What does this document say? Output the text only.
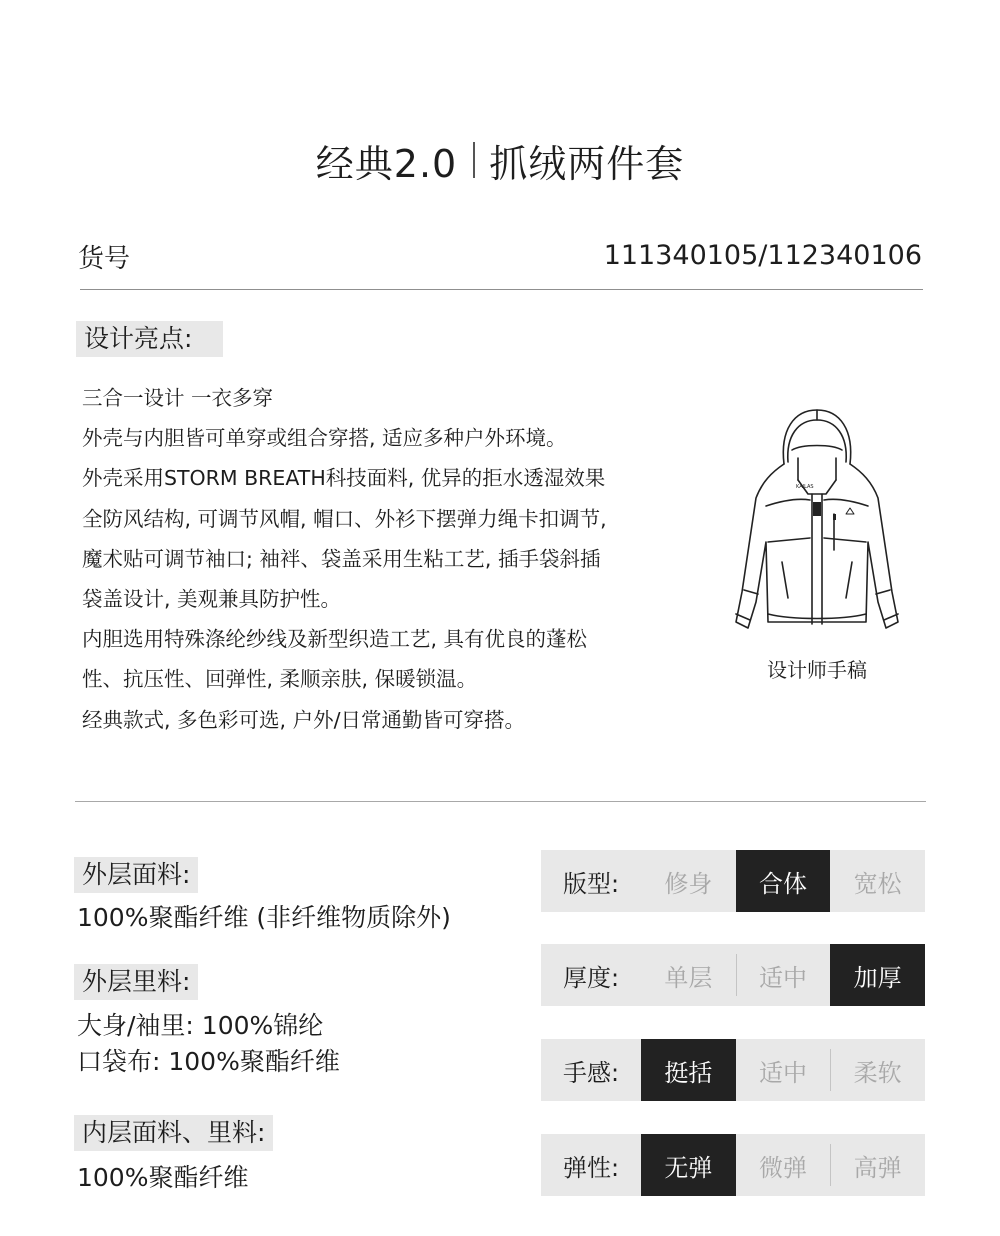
经典2.0 抓绒两件套
货号	111340105/112340106
设计亮点:
三合一设计 一衣多穿
外壳与内胆皆可单穿或组合穿搭, 适应多种户外环境。
外壳采用STORM BREATH科技面料, 优异的拒水透湿效果
全防风结构, 可调节风帽, 帽口、外衫下摆弹力绳卡扣调节,
魔术贴可调节袖口; 袖袢、袋盖采用生粘工艺, 插手袋斜插
袋盖设计, 美观兼具防护性。
内胆选用特殊涤纶纱线及新型织造工艺, 具有优良的蓬松
性、抗压性、回弹性, 柔顺亲肤, 保暖锁温。
经典款式, 多色彩可选, 户外/日常通勤皆可穿搭。
KAILAS
设计师手稿
外层面料:
100%聚酯纤维 (非纤维物质除外)
外层里料:
大身/袖里: 100%锦纶
口袋布: 100%聚酯纤维
内层面料、里料:
100%聚酯纤维
版型:	修身	合体	宽松
厚度:	单层	适中	加厚
手感:	挺括	适中	柔软
弹性:	无弹	微弹	高弹
